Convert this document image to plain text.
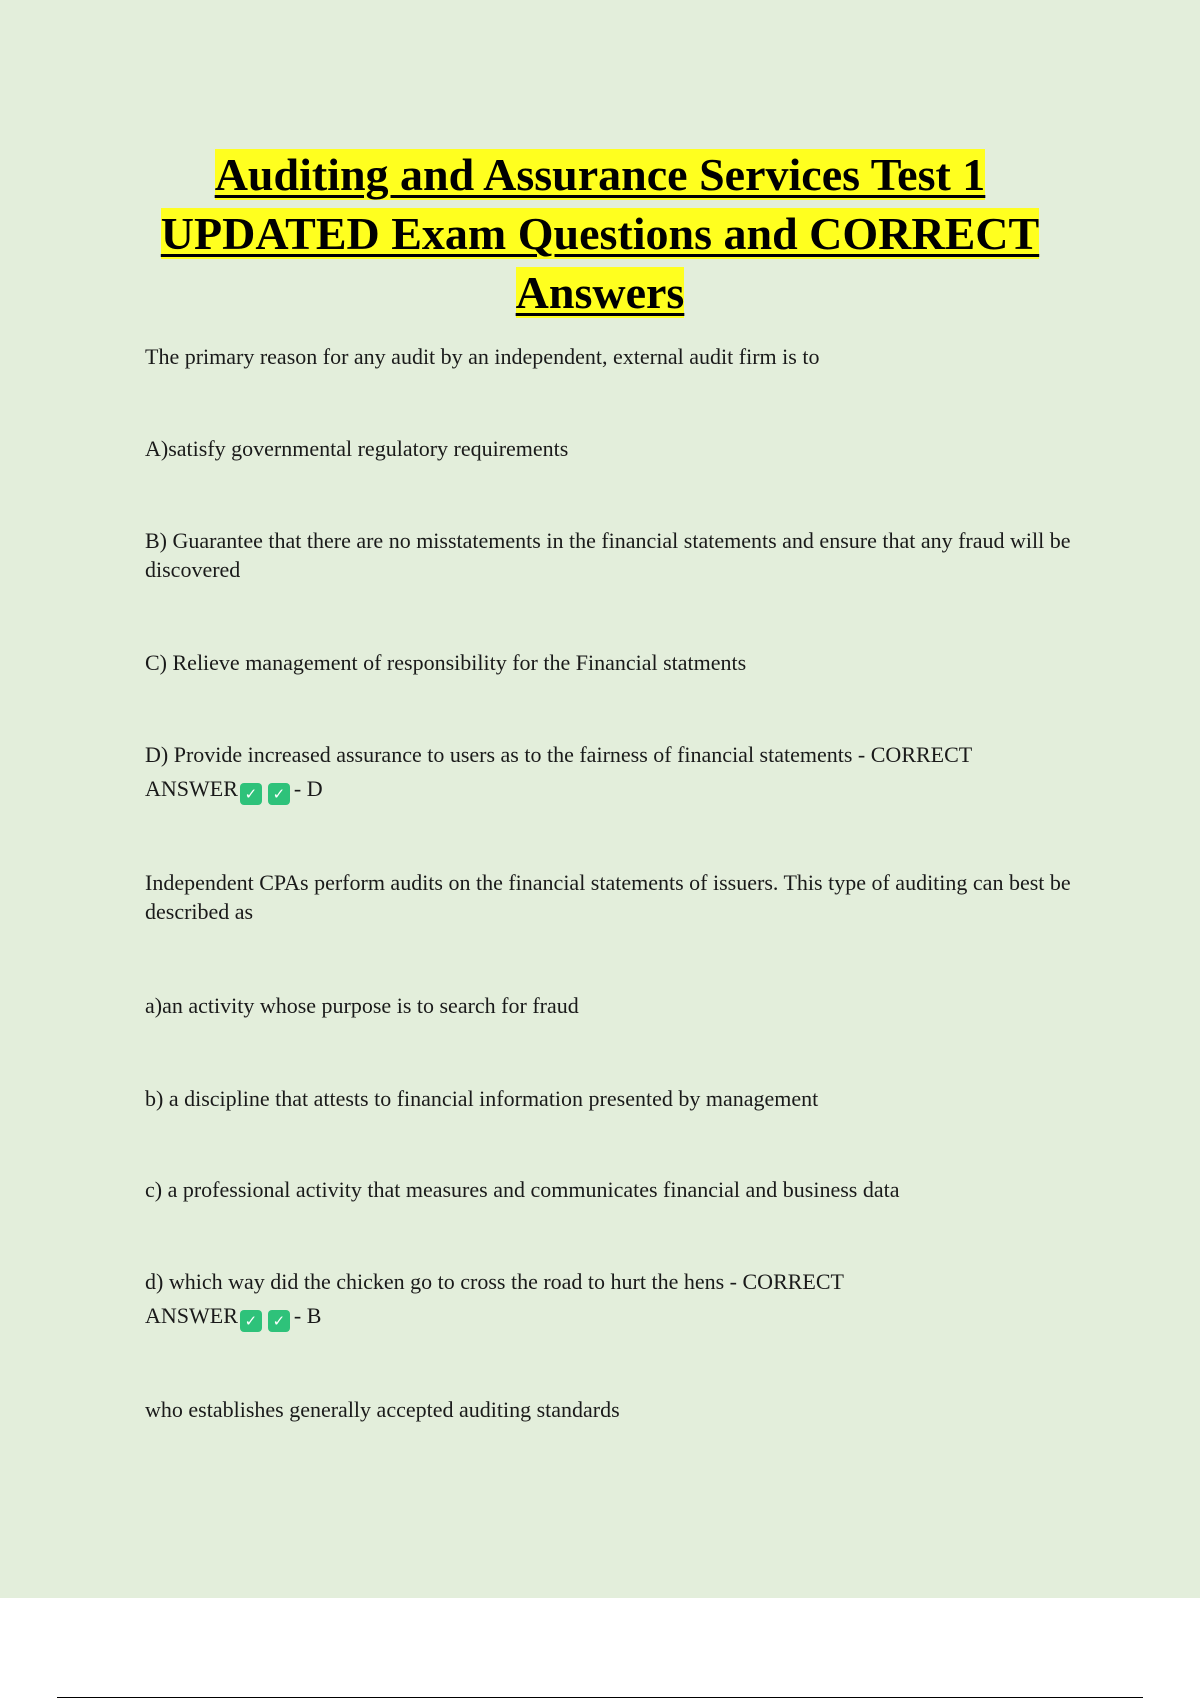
Auditing and Assurance Services Test 1
UPDATED Exam Questions and CORRECT
Answers

The primary reason for any audit by an independent, external audit firm is to

A)satisfy governmental regulatory requirements

B) Guarantee that there are no misstatements in the financial statements and ensure that any fraud will be discovered

C) Relieve management of responsibility for the Financial statments

D) Provide increased assurance to users as to the fairness of financial statements - CORRECT
ANSWER ✓ ✓ - D

Independent CPAs perform audits on the financial statements of issuers. This type of auditing can best be described as

a)an activity whose purpose is to search for fraud

b) a discipline that attests to financial information presented by management

c) a professional activity that measures and communicates financial and business data

d) which way did the chicken go to cross the road to hurt the hens - CORRECT
ANSWER ✓ ✓ - B

who establishes generally accepted auditing standards
